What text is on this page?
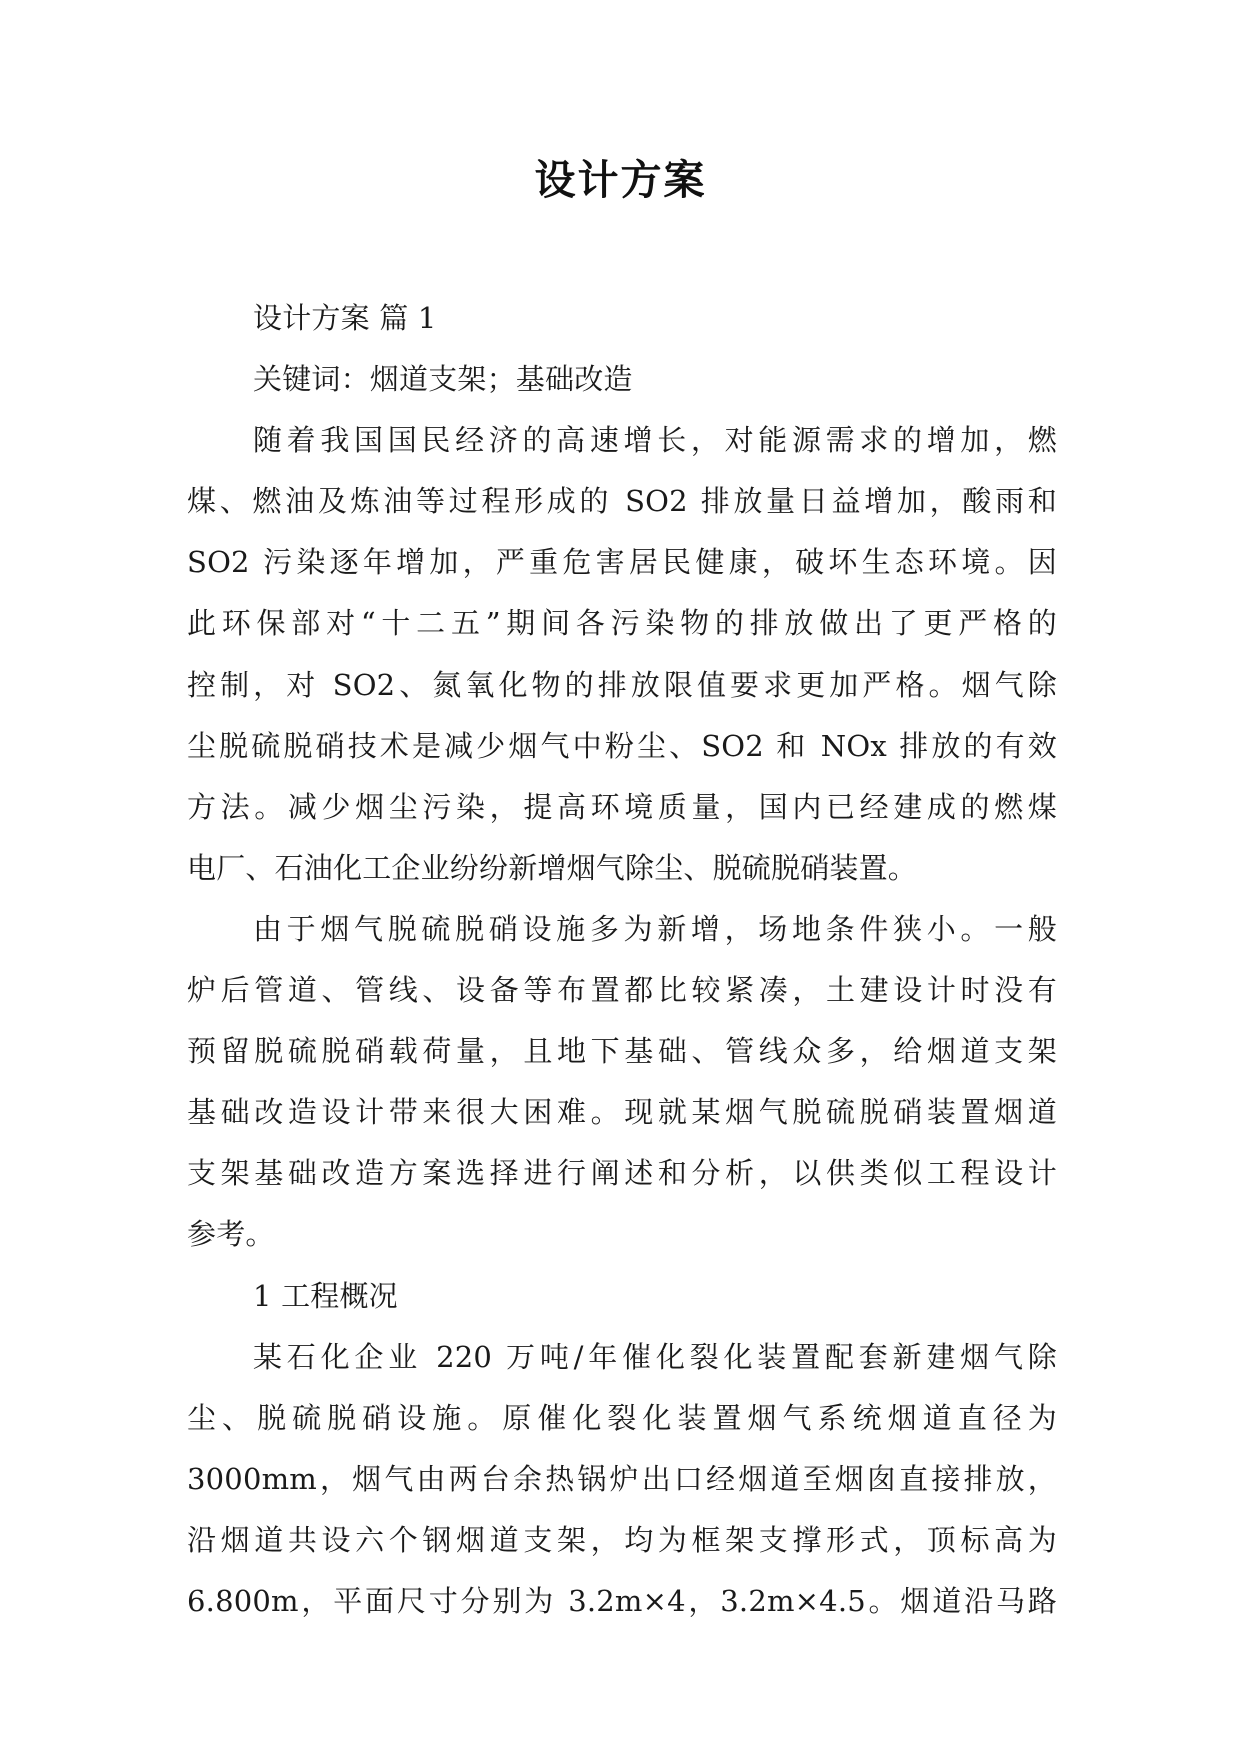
设计方案
设计方案 篇 1
关键词：烟道支架；基础改造
随着我国国民经济的高速增长，对能源需求的增加，燃
煤、燃油及炼油等过程形成的 SO2 排放量日益增加，酸雨和
SO2 污染逐年增加，严重危害居民健康，破坏生态环境。因
此环保部对“十二五”期间各污染物的排放做出了更严格的
控制，对 SO2、氮氧化物的排放限值要求更加严格。烟气除
尘脱硫脱硝技术是减少烟气中粉尘、SO2 和 NOx 排放的有效
方法。减少烟尘污染，提高环境质量，国内已经建成的燃煤
电厂、石油化工企业纷纷新增烟气除尘、脱硫脱硝装置。
由于烟气脱硫脱硝设施多为新增，场地条件狭小。一般
炉后管道、管线、设备等布置都比较紧凑，土建设计时没有
预留脱硫脱硝载荷量，且地下基础、管线众多，给烟道支架
基础改造设计带来很大困难。现就某烟气脱硫脱硝装置烟道
支架基础改造方案选择进行阐述和分析，以供类似工程设计
参考。
1 工程概况
某石化企业 220 万吨/年催化裂化装置配套新建烟气除
尘、脱硫脱硝设施。原催化裂化装置烟气系统烟道直径为
3000mm，烟气由两台余热锅炉出口经烟道至烟囱直接排放，
沿烟道共设六个钢烟道支架，均为框架支撑形式，顶标高为
6.800m，平面尺寸分别为 3.2m×4，3.2m×4.5。烟道沿马路
